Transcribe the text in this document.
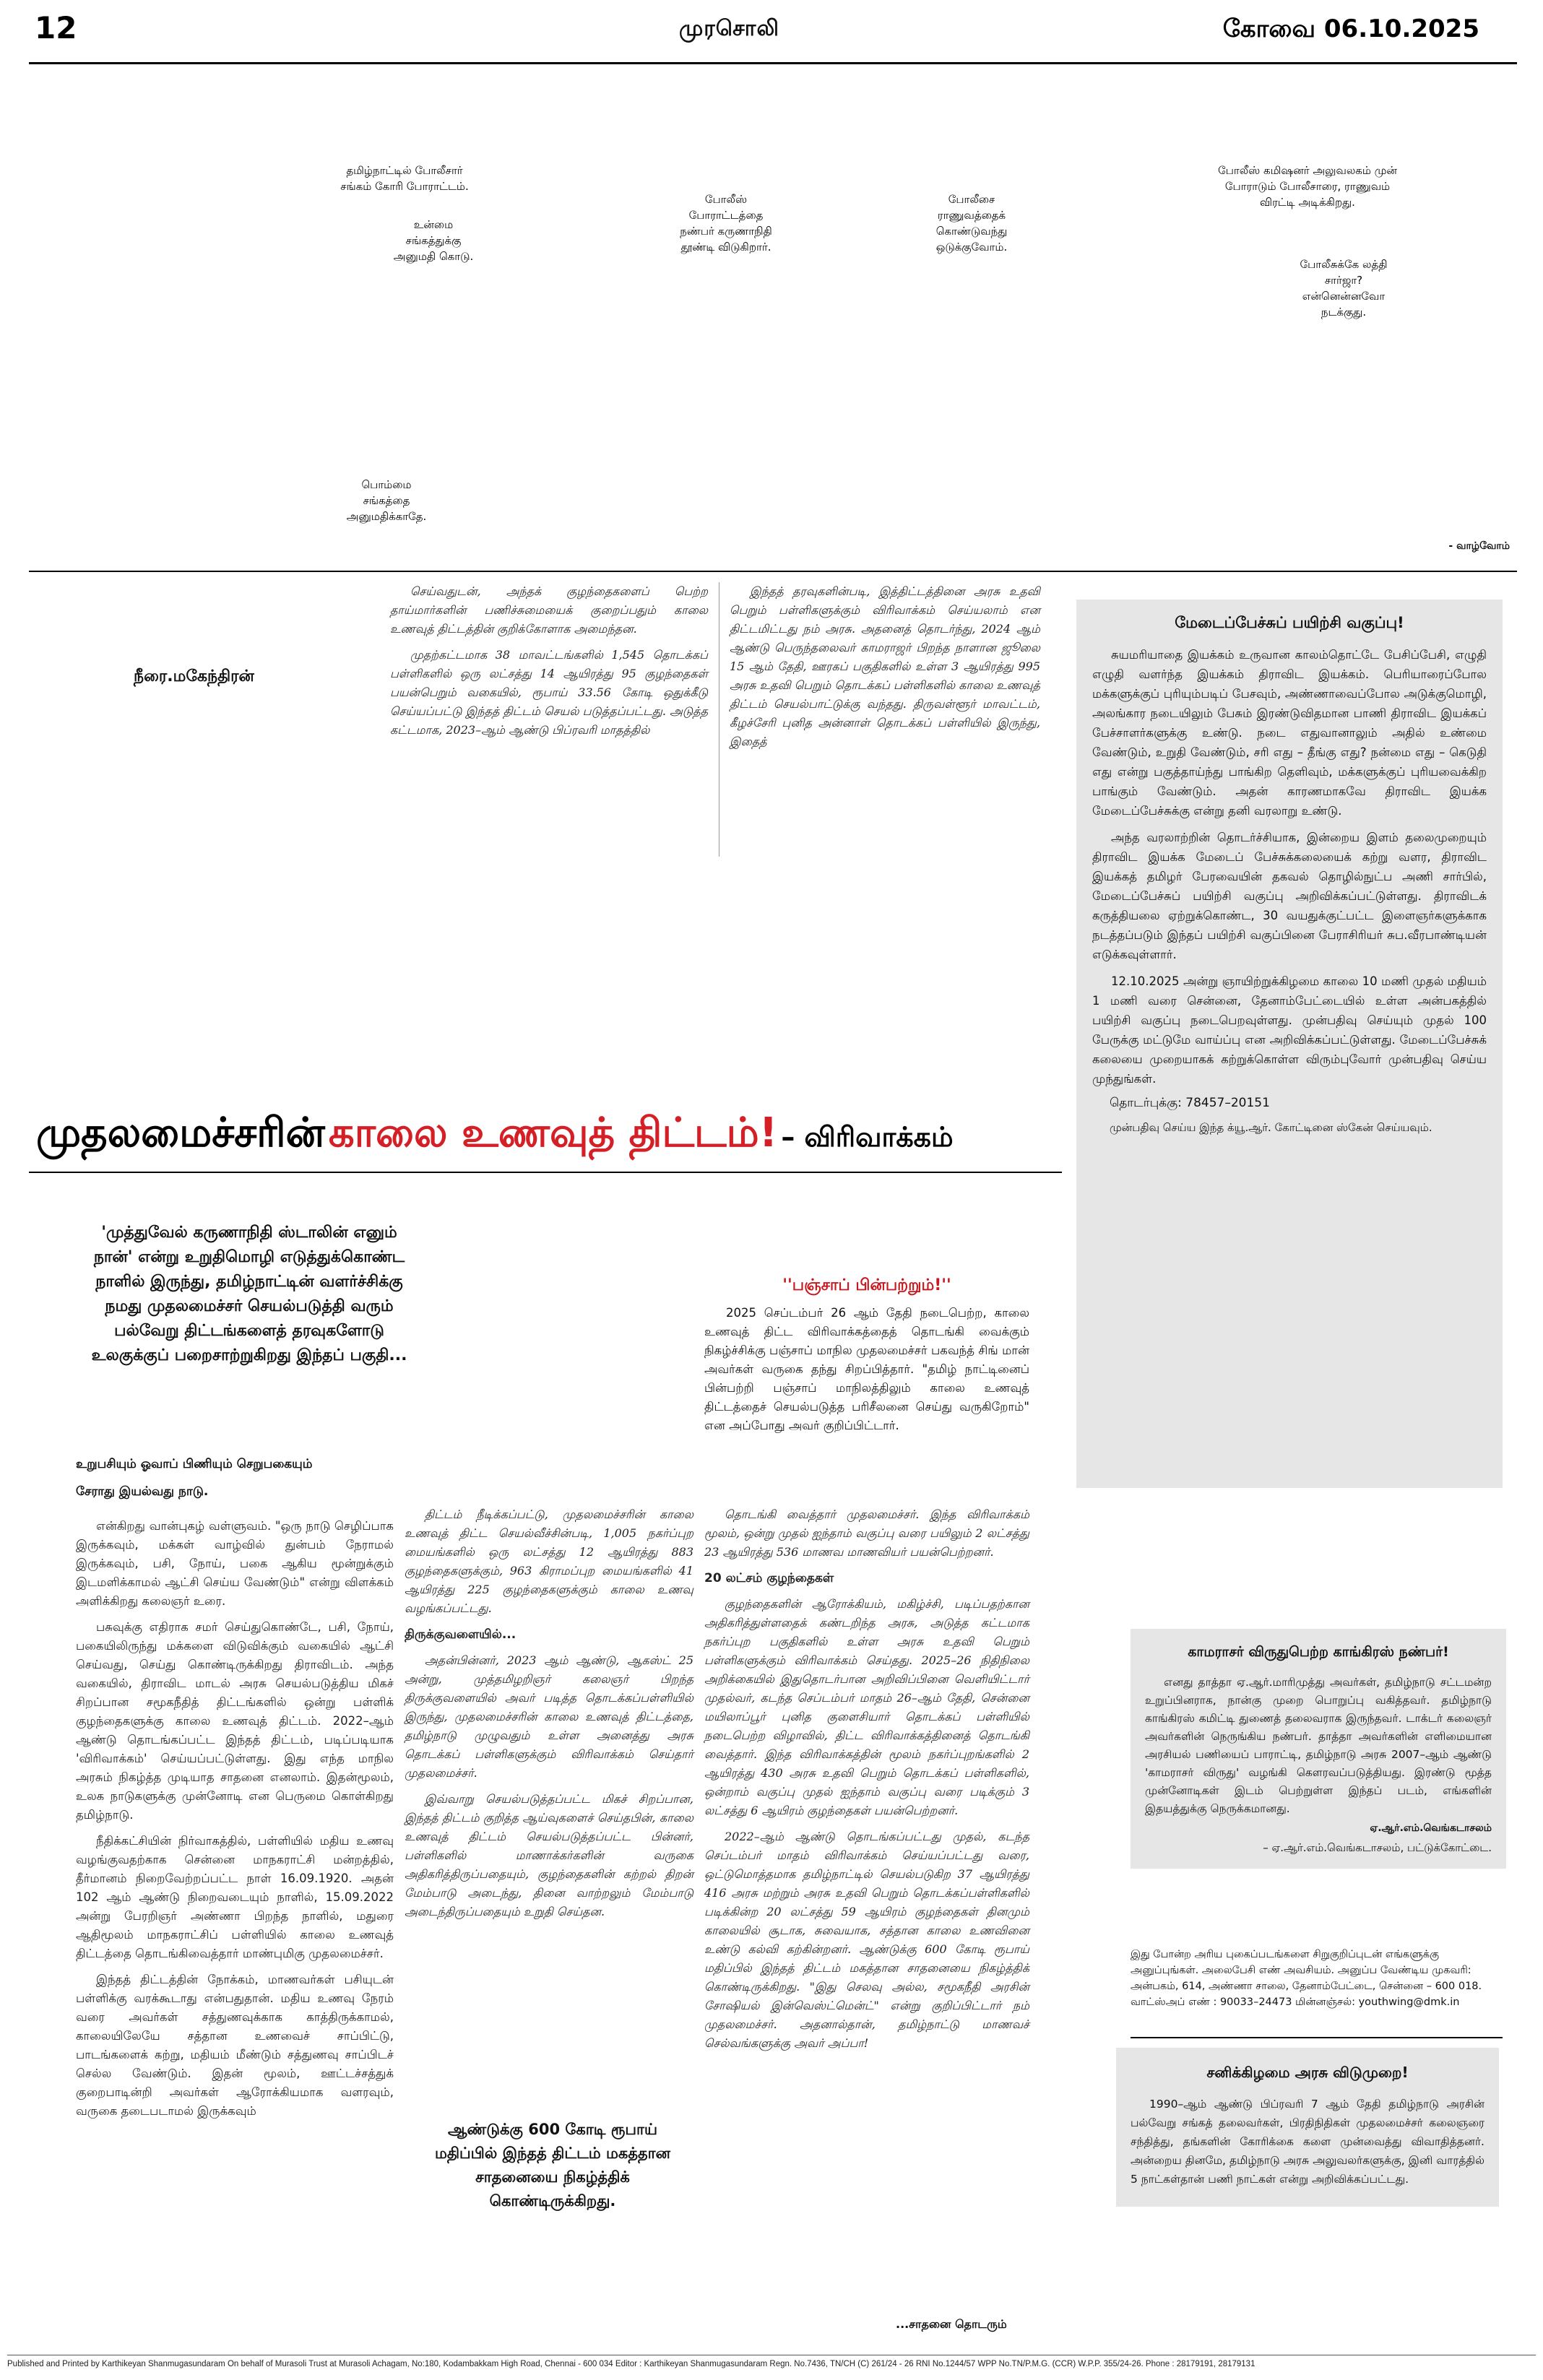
12	முரசொலி	கோவை 06.10.2025
தமிழ்நாட்டில் போலீசார் சங்கம் கோரி போராட்டம்.
உன்மை சங்கத்துக்கு அனுமதி கொடு.
போலீஸ் போராட்டத்தை நண்பர் கருணாநிதி தூண்டி விடுகிறார்.
போலீசை ராணுவத்தைக் கொண்டுவந்து ஒடுக்குவோம்.
போலீஸ் கமிஷனர் அலுவலகம் முன் போராடும் போலீசாரை, ராணுவம் விரட்டி அடிக்கிறது.
போலீசுக்கே லத்தி சார்ஜா? என்னென்னவோ நடக்குது.
பொம்மை சங்கத்தை அனுமதிக்காதே.
- வாழ்வோம்
நீரை.மகேந்திரன்

செய்வதுடன், அந்தக் குழந்தைகளைப் பெற்ற தாய்மார்களின் பணிச்சுமையைக் குறைப்பதும் காலை உணவுத் திட்டத்தின் குறிக்கோளாக அமைந்தன.

முதற்கட்டமாக 38 மாவட்டங்களில் 1,545 தொடக்கப் பள்ளிகளில் ஒரு லட்சத்து 14 ஆயிரத்து 95 குழந்தைகள் பயன்பெறும் வகையில், ரூபாய் 33.56 கோடி ஒதுக்கீடு செய்யப்பட்டு இந்தத் திட்டம் செயல் படுத்தப்பட்டது. அடுத்த கட்டமாக, 2023–ஆம் ஆண்டு பிப்ரவரி மாதத்தில்

இந்தத் தரவுகளின்படி, இத்திட்டத்தினை அரசு உதவி பெறும் பள்ளிகளுக்கும் விரிவாக்கம் செய்யலாம் என திட்டமிட்டது நம் அரசு. அதனைத் தொடர்ந்து, 2024 ஆம் ஆண்டு பெருந்தலைவர் காமராஜர் பிறந்த நாளான ஜூலை 15 ஆம் தேதி, ஊரகப் பகுதிகளில் உள்ள 3 ஆயிரத்து 995 அரசு உதவி பெறும் தொடக்கப் பள்ளிகளில் காலை உணவுத் திட்டம் செயல்பாட்டுக்கு வந்தது. திருவள்ளூர் மாவட்டம், கீழச்சேரி புனித அன்னாள் தொடக்கப் பள்ளியில் இருந்து, இதைத்

முதலமைச்சரின் காலை உணவுத் திட்டம்! – விரிவாக்கம்
'முத்துவேல் கருணாநிதி ஸ்டாலின் எனும் நான்' என்று உறுதிமொழி எடுத்துக்கொண்ட நாளில் இருந்து, தமிழ்நாட்டின் வளர்ச்சிக்கு நமது முதலமைச்சர் செயல்படுத்தி வரும் பல்வேறு திட்டங்களைத் தரவுகளோடு உலகுக்குப் பறைசாற்றுகிறது இந்தப் பகுதி...
''பஞ்சாப் பின்பற்றும்!''
2025 செப்டம்பர் 26 ஆம் தேதி நடைபெற்ற, காலை உணவுத் திட்ட விரிவாக்கத்தைத் தொடங்கி வைக்கும் நிகழ்ச்சிக்கு பஞ்சாப் மாநில முதலமைச்சர் பகவந்த் சிங் மான் அவர்கள் வருகை தந்து சிறப்பித்தார். "தமிழ் நாட்டினைப் பின்பற்றி பஞ்சாப் மாநிலத்திலும் காலை உணவுத் திட்டத்தைச் செயல்படுத்த பரிசீலனை செய்து வருகிறோம்" என அப்போது அவர் குறிப்பிட்டார்.
உறுபசியும் ஓவாப் பிணியும் செறுபகையும்
சேராது இயல்வது நாடு.

என்கிறது வான்புகழ் வள்ளுவம். "ஒரு நாடு செழிப்பாக இருக்கவும், மக்கள் வாழ்வில் துன்பம் நேராமல் இருக்கவும், பசி, நோய், பகை ஆகிய மூன்றுக்கும் இடமளிக்காமல் ஆட்சி செய்ய வேண்டும்" என்று விளக்கம் அளிக்கிறது கலைஞர் உரை.

பசுவுக்கு எதிராக சமர் செய்துகொண்டே, பசி, நோய், பகையிலிருந்து மக்களை விடுவிக்கும் வகையில் ஆட்சி செய்வது, செய்து கொண்டிருக்கிறது திராவிடம். அந்த வகையில், திராவிட மாடல் அரசு செயல்படுத்திய மிகச் சிறப்பான சமூகநீதித் திட்டங்களில் ஒன்று பள்ளிக் குழந்தைகளுக்கு காலை உணவுத் திட்டம். 2022–ஆம் ஆண்டு தொடங்கப்பட்ட இந்தத் திட்டம், படிப்படியாக 'விரிவாக்கம்' செய்யப்பட்டுள்ளது. இது எந்த மாநில அரசும் நிகழ்த்த முடியாத சாதனை எனலாம். இதன்மூலம், உலக நாடுகளுக்கு முன்னோடி என பெருமை கொள்கிறது தமிழ்நாடு.

நீதிக்கட்சியின் நிர்வாகத்தில், பள்ளியில் மதிய உணவு வழங்குவதற்காக சென்னை மாநகராட்சி மன்றத்தில், தீர்மானம் நிறைவேற்றப்பட்ட நாள் 16.09.1920. அதன் 102 ஆம் ஆண்டு நிறைவடையும் நாளில், 15.09.2022 அன்று பேரறிஞர் அண்ணா பிறந்த நாளில், மதுரை ஆதிமூலம் மாநகராட்சிப் பள்ளியில் காலை உணவுத் திட்டத்தை தொடங்கிவைத்தார் மாண்புமிகு முதலமைச்சர்.

இந்தத் திட்டத்தின் நோக்கம், மாணவர்கள் பசியுடன் பள்ளிக்கு வரக்கூடாது என்பதுதான். மதிய உணவு நேரம் வரை அவர்கள் சத்துணவுக்காக காத்திருக்காமல், காலையிலேயே சத்தான உணவைச் சாப்பிட்டு, பாடங்களைக் கற்று, மதியம் மீண்டும் சத்துணவு சாப்பிடச் செல்ல வேண்டும். இதன் மூலம், ஊட்டச்சத்துக் குறைபாடின்றி அவர்கள் ஆரோக்கியமாக வளரவும், வருகை தடைபடாமல் இருக்கவும்

திட்டம் நீடிக்கப்பட்டு, முதலமைச்சரின் காலை உணவுத் திட்ட செயல்வீச்சின்படி, 1,005 நகர்ப்புற மையங்களில் ஒரு லட்சத்து 12 ஆயிரத்து 883 குழந்தைகளுக்கும், 963 கிராமப்புற மையங்களில் 41 ஆயிரத்து 225 குழந்தைகளுக்கும் காலை உணவு வழங்கப்பட்டது.

திருக்குவளையில்...

அதன்பின்னர், 2023 ஆம் ஆண்டு, ஆகஸ்ட் 25 அன்று, முத்தமிழறிஞர் கலைஞர் பிறந்த திருக்குவளையில் அவர் படித்த தொடக்கப்பள்ளியில் இருந்து, முதலமைச்சரின் காலை உணவுத் திட்டத்தை, தமிழ்நாடு முழுவதும் உள்ள அனைத்து அரசு தொடக்கப் பள்ளிகளுக்கும் விரிவாக்கம் செய்தார் முதலமைச்சர்.

இவ்வாறு செயல்படுத்தப்பட்ட மிகச் சிறப்பான, இந்தத் திட்டம் குறித்த ஆய்வுகளைச் செய்தபின், காலை உணவுத் திட்டம் செயல்படுத்தப்பட்ட பின்னர், பள்ளிகளில் மாணாக்கர்களின் வருகை அதிகரித்திருப்பதையும், குழந்தைகளின் கற்றல் திறன் மேம்பாடு அடைந்து, தினை வாற்றலும் மேம்பாடு அடைந்திருப்பதையும் உறுதி செய்தன.

ஆண்டுக்கு 600 கோடி ரூபாய் மதிப்பில் இந்தத் திட்டம் மகத்தான சாதனையை நிகழ்த்திக் கொண்டிருக்கிறது.

தொடங்கி வைத்தார் முதலமைச்சர். இந்த விரிவாக்கம் மூலம், ஒன்று முதல் ஐந்தாம் வகுப்பு வரை பயிலும் 2 லட்சத்து 23 ஆயிரத்து 536 மாணவ மாணவியர் பயன்பெற்றனர்.

20 லட்சம் குழந்தைகள்

குழந்தைகளின் ஆரோக்கியம், மகிழ்ச்சி, படிப்பதற்கான அதிகரித்துள்ளதைக் கண்டறிந்த அரசு, அடுத்த கட்டமாக நகர்ப்புற பகுதிகளில் உள்ள அரசு உதவி பெறும் பள்ளிகளுக்கும் விரிவாக்கம் செய்தது. 2025–26 நிதிநிலை அறிக்கையில் இதுதொடர்பான அறிவிப்பினை வெளியிட்டார் முதல்வர், கடந்த செப்டம்பர் மாதம் 26–ஆம் தேதி, சென்னை மயிலாப்பூர் புனித குளைசியார் தொடக்கப் பள்ளியில் நடைபெற்ற விழாவில், திட்ட விரிவாக்கத்தினைத் தொடங்கி வைத்தார். இந்த விரிவாக்கத்தின் மூலம் நகர்ப்புறங்களில் 2 ஆயிரத்து 430 அரசு உதவி பெறும் தொடக்கப் பள்ளிகளில், ஒன்றாம் வகுப்பு முதல் ஐந்தாம் வகுப்பு வரை படிக்கும் 3 லட்சத்து 6 ஆயிரம் குழந்தைகள் பயன்பெற்றனர்.

2022–ஆம் ஆண்டு தொடங்கப்பட்டது முதல், கடந்த செப்டம்பர் மாதம் விரிவாக்கம் செய்யப்பட்டது வரை, ஒட்டுமொத்தமாக தமிழ்நாட்டில் செயல்படுகிற 37 ஆயிரத்து 416 அரசு மற்றும் அரசு உதவி பெறும் தொடக்கப்பள்ளிகளில் படிக்கின்ற 20 லட்சத்து 59 ஆயிரம் குழந்தைகள் தினமும் காலையில் சூடாக, சுவையாக, சத்தான காலை உணவினை உண்டு கல்வி கற்கின்றனர். ஆண்டுக்கு 600 கோடி ரூபாய் மதிப்பில் இந்தத் திட்டம் மகத்தான சாதனையை நிகழ்த்திக் கொண்டிருக்கிறது. "இது செலவு அல்ல, சமூகநீதி அரசின் சோஷியல் இன்வெஸ்ட்மென்ட்" என்று குறிப்பிட்டார் நம் முதலமைச்சர். அதனால்தான், தமிழ்நாட்டு மாணவச் செல்வங்களுக்கு அவர் அப்பா!

...சாதனை தொடரும்
மேடைப்பேச்சுப் பயிற்சி வகுப்பு!

சுயமரியாதை இயக்கம் உருவான காலம்தொட்டே பேசிப்பேசி, எழுதி எழுதி வளர்ந்த இயக்கம் திராவிட இயக்கம். பெரியாரைப்போல மக்களுக்குப் புரியும்படிப் பேசவும், அண்ணாவைப்போல அடுக்குமொழி, அலங்கார நடையிலும் பேசும் இரண்டுவிதமான பாணி திராவிட இயக்கப் பேச்சாளர்களுக்கு உண்டு. நடை எதுவானாலும் அதில் உண்மை வேண்டும், உறுதி வேண்டும், சரி எது – தீங்கு எது? நன்மை எது – கெடுதி எது என்று பகுத்தாய்ந்து பாங்கிற தெளிவும், மக்களுக்குப் புரியவைக்கிற பாங்கும் வேண்டும். அதன் காரணமாகவே திராவிட இயக்க மேடைப்பேச்சுக்கு என்று தனி வரலாறு உண்டு.

அந்த வரலாற்றின் தொடர்ச்சியாக, இன்றைய இளம் தலைமுறையும் திராவிட இயக்க மேடைப் பேச்சுக்கலையைக் கற்று வளர, திராவிட இயக்கத் தமிழர் பேரவையின் தகவல் தொழில்நுட்ப அணி சார்பில், மேடைப்பேச்சுப் பயிற்சி வகுப்பு அறிவிக்கப்பட்டுள்ளது. திராவிடக் கருத்தியலை ஏற்றுக்கொண்ட, 30 வயதுக்குட்பட்ட இளைஞர்களுக்காக நடத்தப்படும் இந்தப் பயிற்சி வகுப்பினை பேராசிரியர் சுப.வீரபாண்டியன் எடுக்கவுள்ளார்.

12.10.2025 அன்று ஞாயிற்றுக்கிழமை காலை 10 மணி முதல் மதியம் 1 மணி வரை சென்னை, தேனாம்பேட்டையில் உள்ள அன்பகத்தில் பயிற்சி வகுப்பு நடைபெறவுள்ளது. முன்பதிவு செய்யும் முதல் 100 பேருக்கு மட்டுமே வாய்ப்பு என அறிவிக்கப்பட்டுள்ளது. மேடைப்பேச்சுக் கலையை முறையாகக் கற்றுக்கொள்ள விரும்புவோர் முன்பதிவு செய்ய முந்துங்கள்.

தொடர்புக்கு: 78457–20151
முன்பதிவு செய்ய இந்த க்யூ.ஆர். கோட்டினை ஸ்கேன் செய்யவும்.
காமராசர் விருதுபெற்ற காங்கிரஸ் நண்பர்!
எனது தாத்தா ஏ.ஆர்.மாரிமுத்து அவர்கள், தமிழ்நாடு சட்டமன்ற உறுப்பினராக, நான்கு முறை பொறுப்பு வகித்தவர். தமிழ்நாடு காங்கிரஸ் கமிட்டி துணைத் தலைவராக இருந்தவர். டாக்டர் கலைஞர் அவர்களின் நெருங்கிய நண்பர். தாத்தா அவர்களின் எளிமையான அரசியல் பணியைப் பாராட்டி, தமிழ்நாடு அரசு 2007–ஆம் ஆண்டு 'காமராசர் விருது' வழங்கி கௌரவப்படுத்தியது. இரண்டு மூத்த முன்னோடிகள் இடம் பெற்றுள்ள இந்தப் படம், எங்களின் இதயத்துக்கு நெருக்கமானது.
ஏ.ஆர்.எம்.வெங்கடாசலம்
– ஏ.ஆர்.எம்.வெங்கடாசலம், பட்டுக்கோட்டை.
இது போன்ற அரிய புகைப்படங்களை சிறுகுறிப்புடன் எங்களுக்கு அனுப்புங்கள். அலைபேசி எண் அவசியம். அனுப்ப வேண்டிய முகவரி: அன்பகம், 614, அண்ணா சாலை, தேனாம்பேட்டை, சென்னை – 600 018.
வாட்ஸ்அப் எண் : 90033–24473 மின்னஞ்சல்: youthwing@dmk.in
சனிக்கிழமை அரசு விடுமுறை!
1990–ஆம் ஆண்டு பிப்ரவரி 7 ஆம் தேதி தமிழ்நாடு அரசின் பல்வேறு சங்கத் தலைவர்கள், பிரதிநிதிகள் முதலமைச்சர் கலைஞரை சந்தித்து, தங்களின் கோரிக்கை களை முன்வைத்து விவாதித்தனர். அன்றைய தினமே, தமிழ்நாடு அரசு அலுவலர்களுக்கு, இனி வாரத்தில் 5 நாட்கள்தான் பணி நாட்கள் என்று அறிவிக்கப்பட்டது.
Published and Printed by Karthikeyan Shanmugasundaram On behalf of Murasoli Trust at Murasoli Achagam, No:180, Kodambakkam High Road, Chennai - 600 034 Editor : Karthikeyan Shanmugasundaram Regn. No.7436, TN/CH (C) 261/24 - 26 RNI No.1244/57 WPP No.TN/P.M.G. (CCR) W.P.P. 355/24-26. Phone : 28179191, 28179131
